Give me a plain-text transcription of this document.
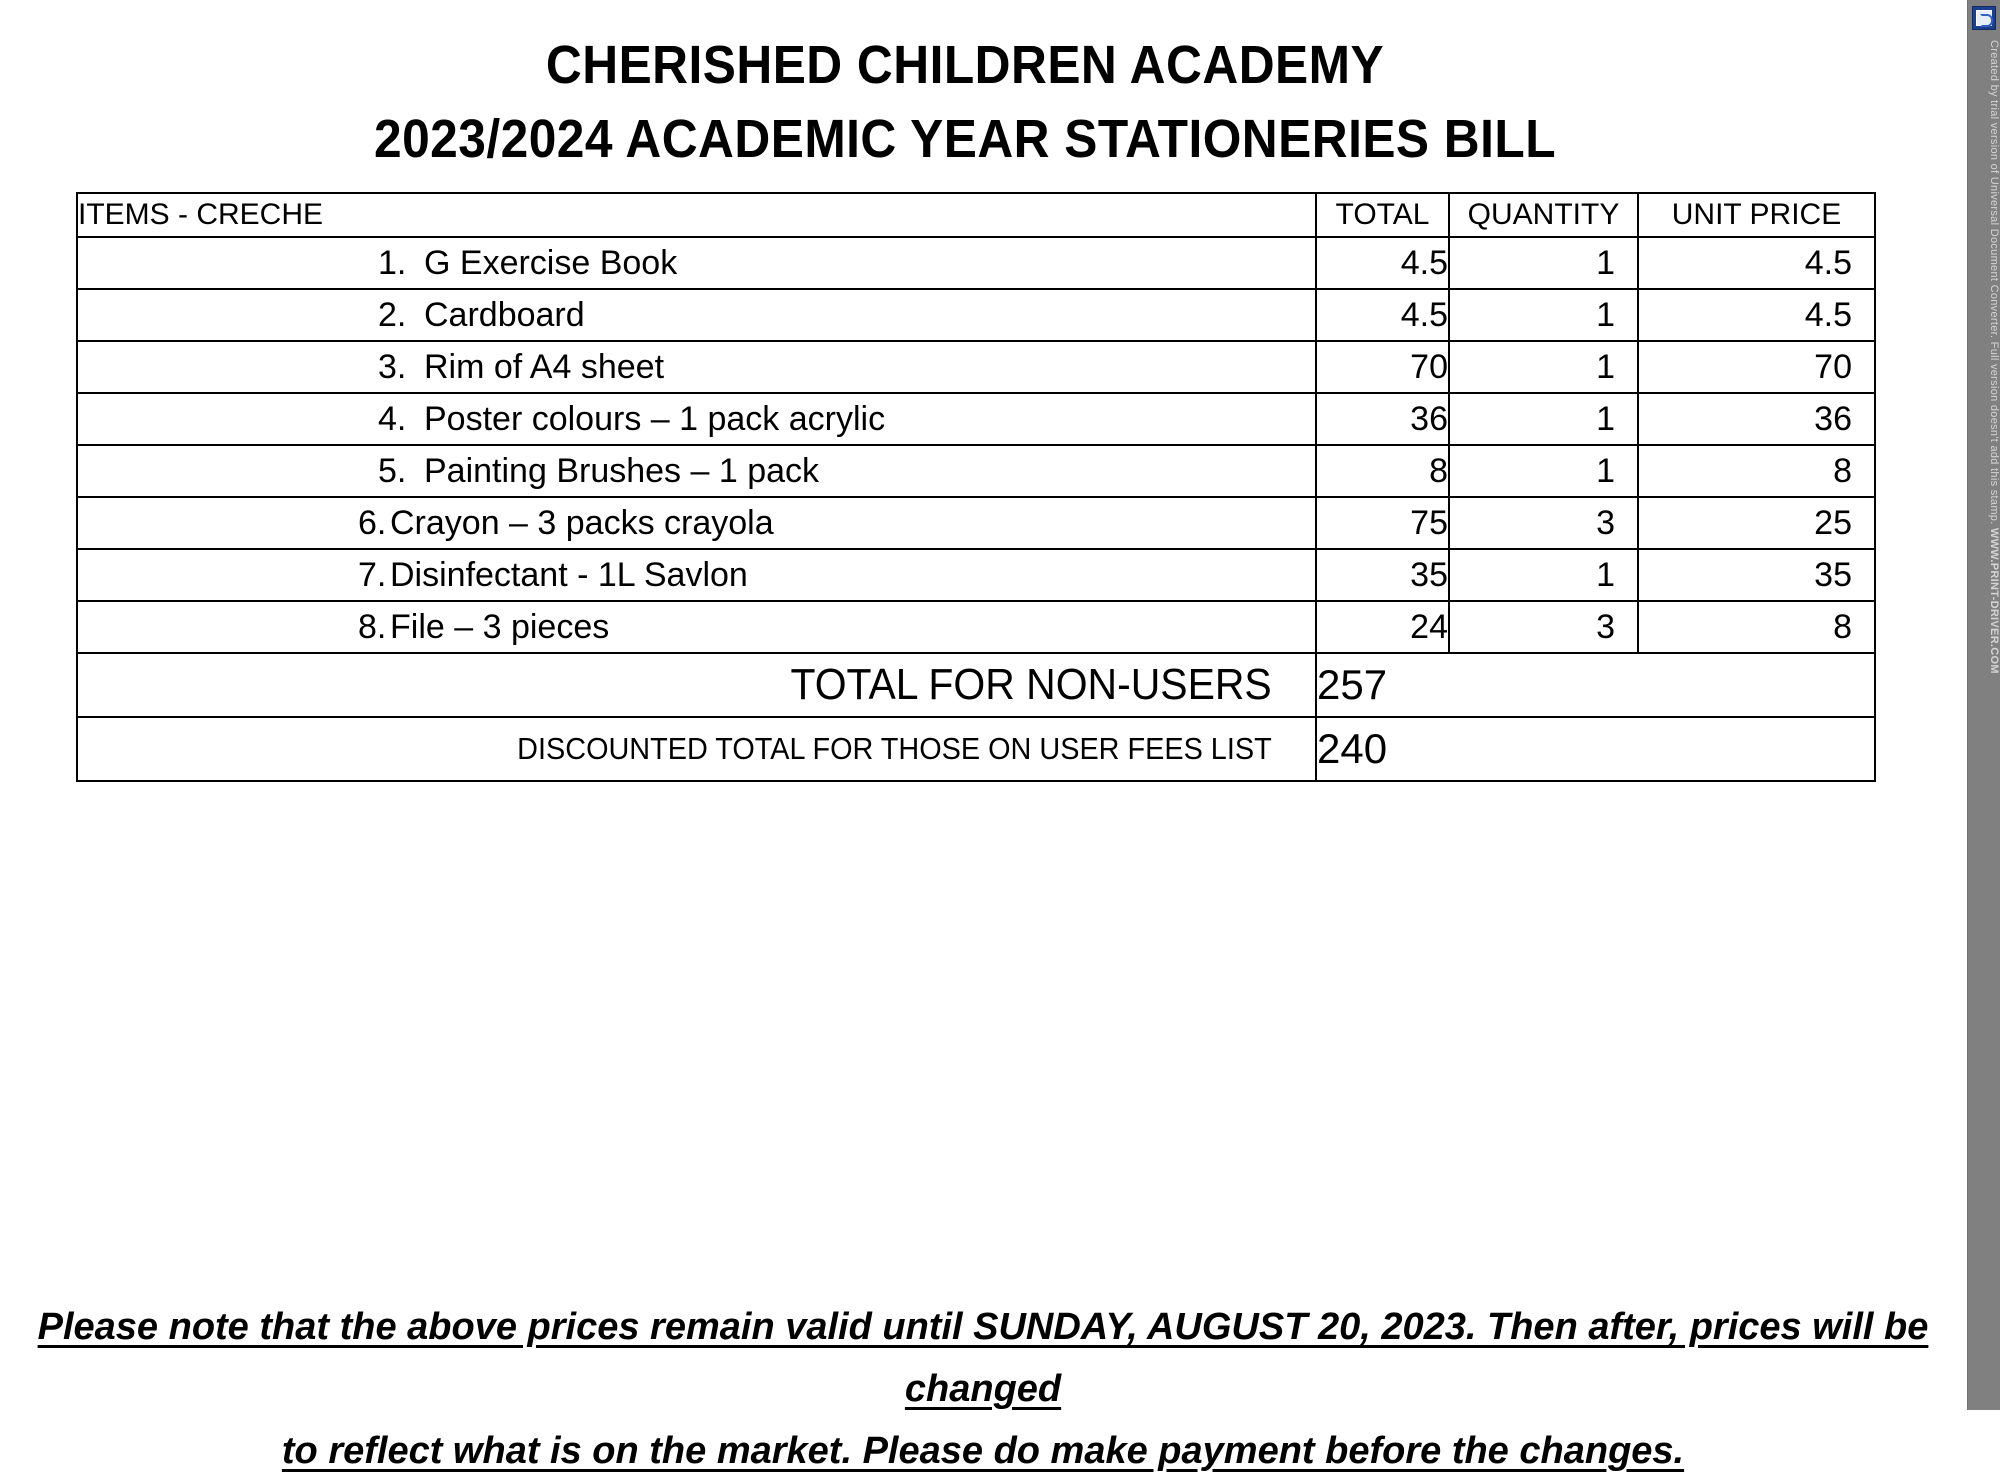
CHERISHED CHILDREN ACADEMY
2023/2024 ACADEMIC YEAR STATIONERIES BILL
ITEMS - CRECHE	TOTAL	QUANTITY	UNIT PRICE

1. G Exercise Book	4.5	1	4.5

2. Cardboard	4.5	1	4.5

3. Rim of A4 sheet	70	1	70

4. Poster colours – 1 pack acrylic	36	1	36

5. Painting Brushes – 1 pack	8	1	8

6. Crayon – 3 packs crayola	75	3	25

7. Disinfectant - 1L Savlon	35	1	35

8. File – 3 pieces	24	3	8
TOTAL FOR NON-USERS	257		
DISCOUNTED TOTAL FOR THOSE ON USER FEES LIST	240		
Please note that the above prices remain valid until SUNDAY, AUGUST 20, 2023. Then after, prices will be changed
to reflect what is on the market. Please do make payment before the changes.
Created by trial version of Universal Document Converter. Full version doesn't add this stamp. WWW.PRINT-DRIVER.COM
